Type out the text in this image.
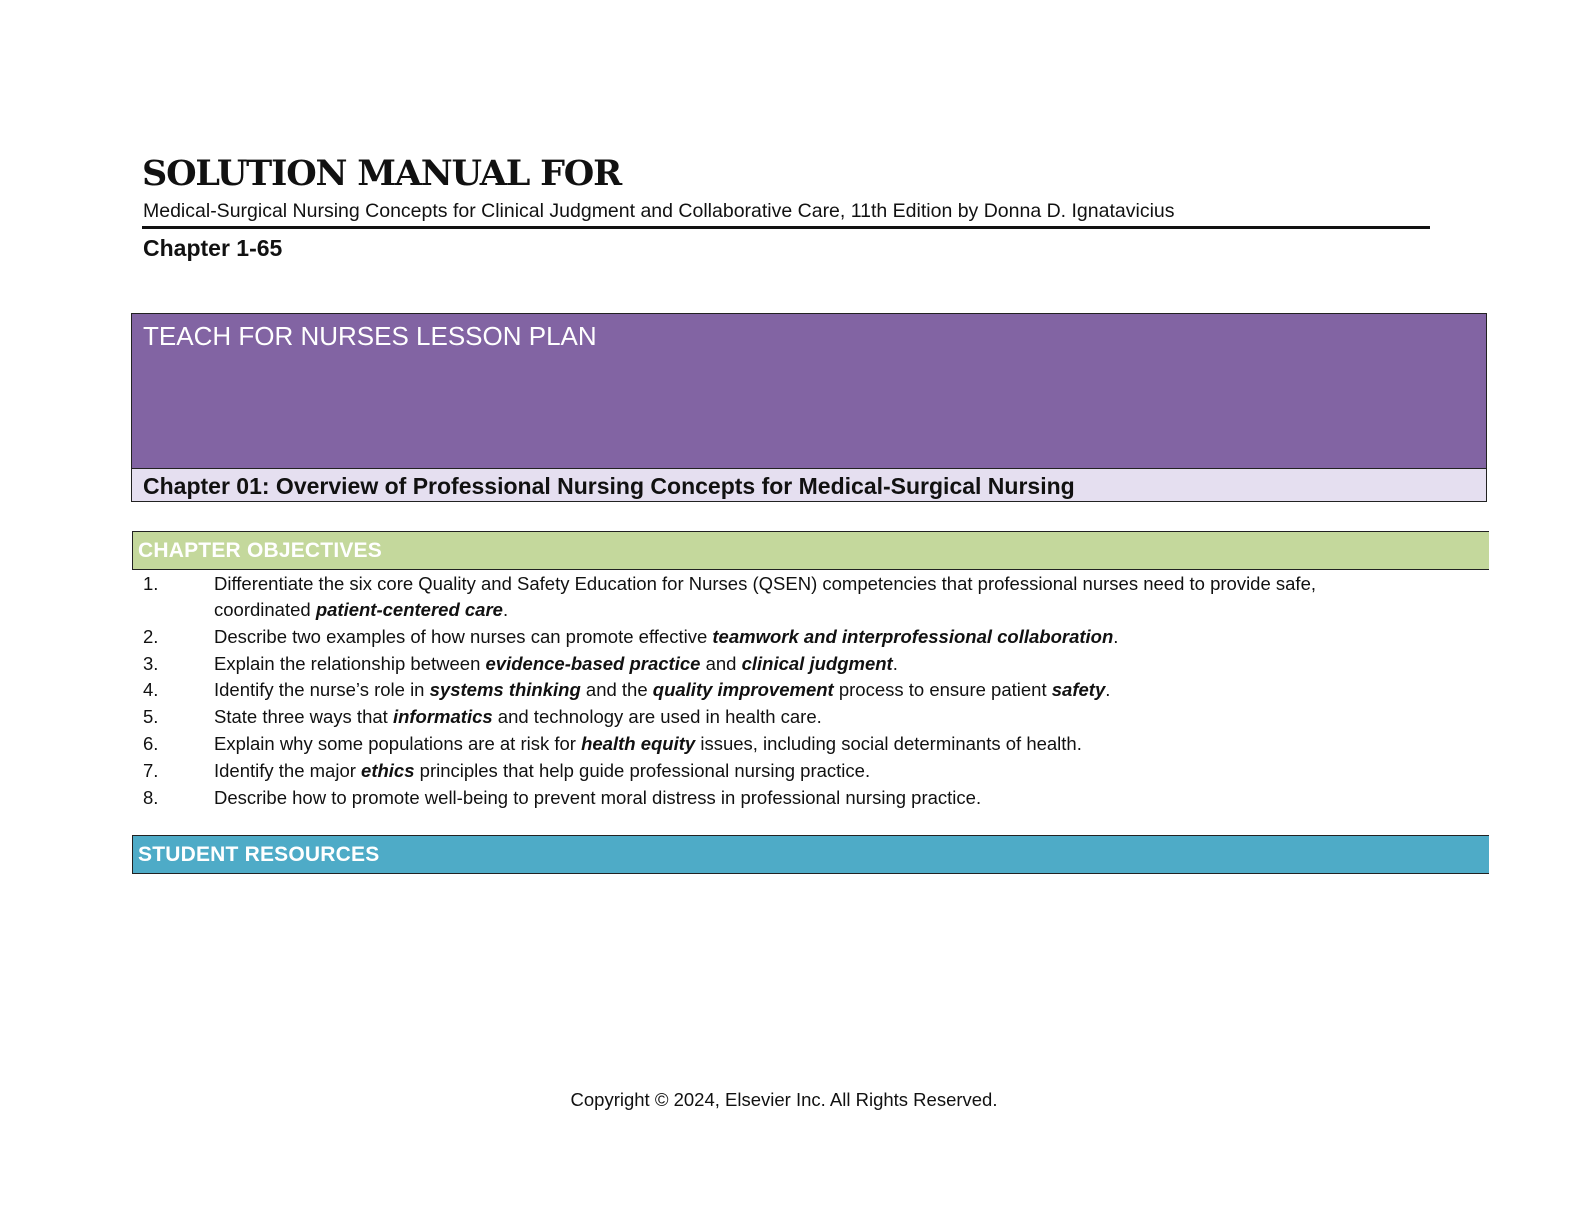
SOLUTION MANUAL FOR
Medical-Surgical Nursing Concepts for Clinical Judgment and Collaborative Care, 11th Edition by Donna D. Ignatavicius
Chapter 1-65
TEACH FOR NURSES LESSON PLAN
Chapter 01: Overview of Professional Nursing Concepts for Medical-Surgical Nursing
CHAPTER OBJECTIVES
1.	Differentiate the six core Quality and Safety Education for Nurses (QSEN) competencies that professional nurses need to provide safe,
coordinated patient-centered care.
2.	Describe two examples of how nurses can promote effective teamwork and interprofessional collaboration.
3.	Explain the relationship between evidence-based practice and clinical judgment.
4.	Identify the nurse’s role in systems thinking and the quality improvement process to ensure patient safety.
5.	State three ways that informatics and technology are used in health care.
6.	Explain why some populations are at risk for health equity issues, including social determinants of health.
7.	Identify the major ethics principles that help guide professional nursing practice.
8.	Describe how to promote well-being to prevent moral distress in professional nursing practice.
STUDENT RESOURCES
Copyright © 2024, Elsevier Inc. All Rights Reserved.
